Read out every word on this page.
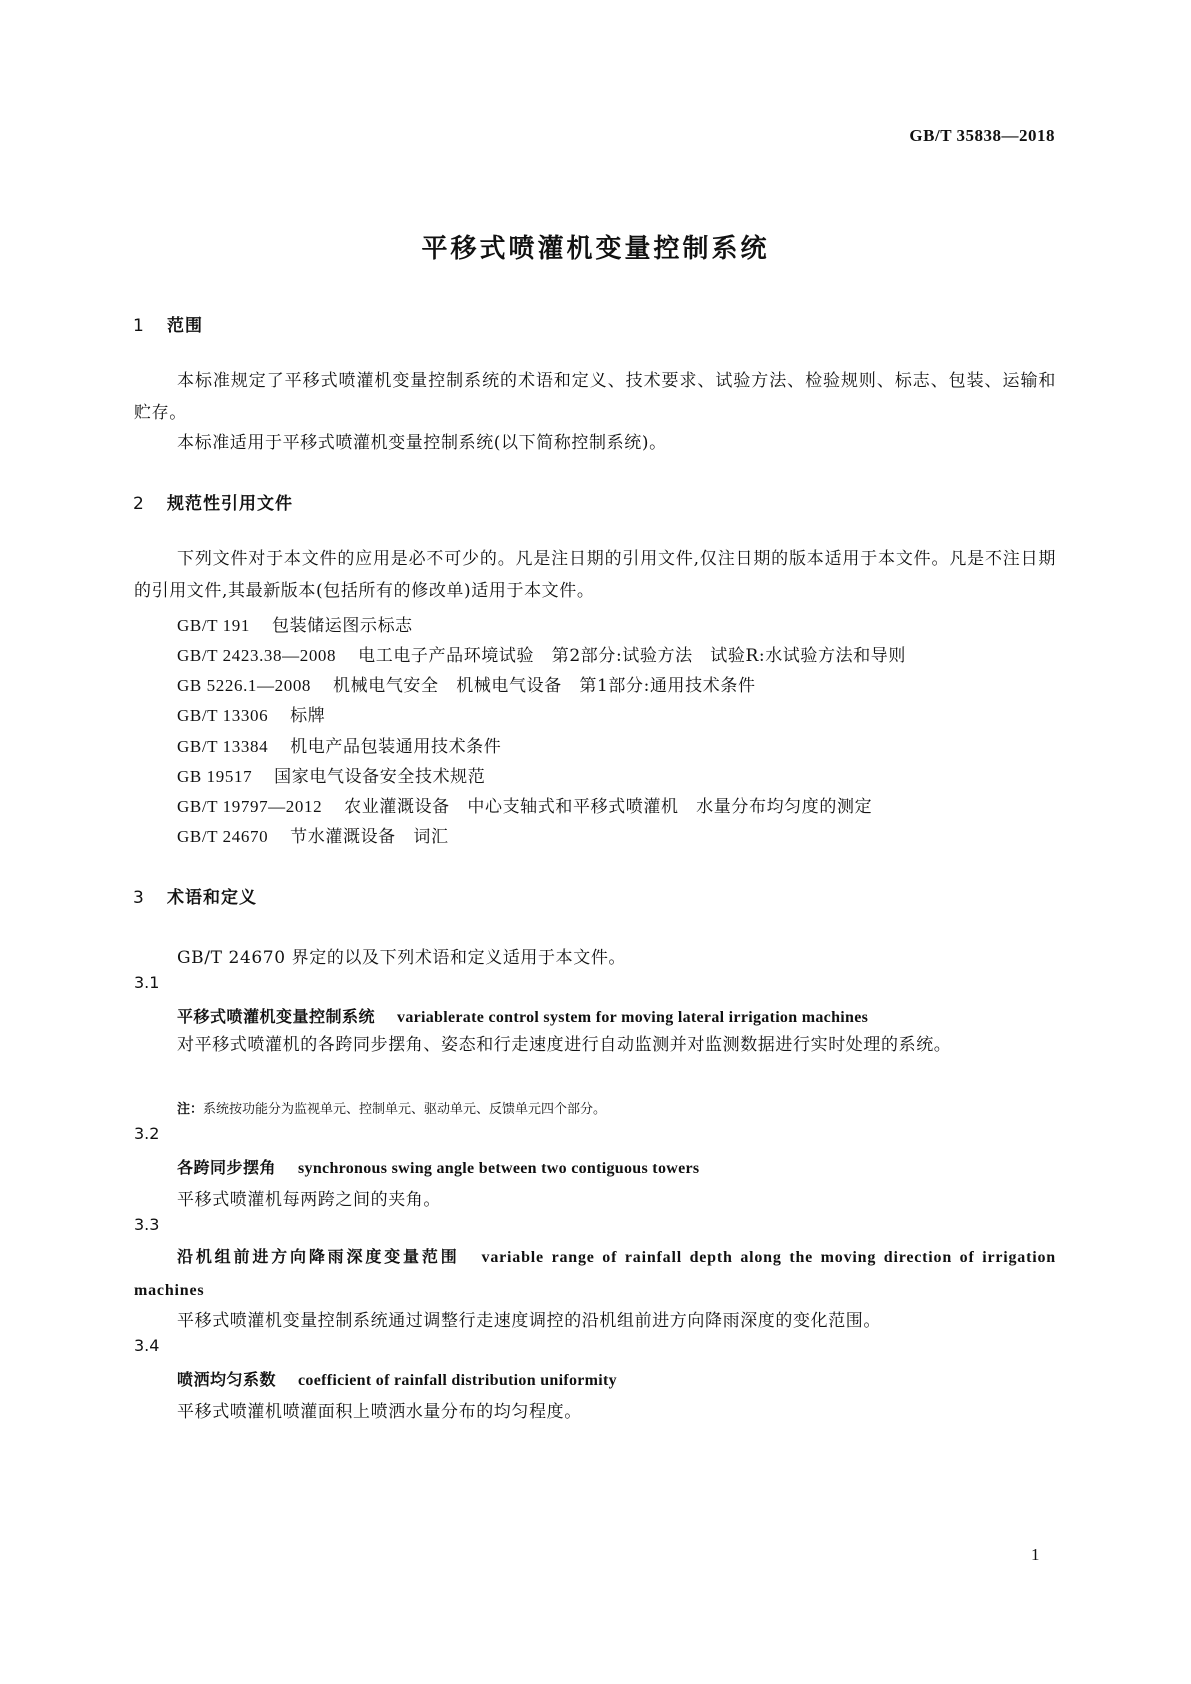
GB/T 35838—2018
平移式喷灌机变量控制系统
1 范围
本标准规定了平移式喷灌机变量控制系统的术语和定义、技术要求、试验方法、检验规则、标志、包装、运输和贮存。
本标准适用于平移式喷灌机变量控制系统(以下简称控制系统)。
2 规范性引用文件
下列文件对于本文件的应用是必不可少的。凡是注日期的引用文件,仅注日期的版本适用于本文件。凡是不注日期的引用文件,其最新版本(包括所有的修改单)适用于本文件。
GB/T 191 包装储运图示标志
GB/T 2423.38—2008 电工电子产品环境试验　第2部分:试验方法　试验R:水试验方法和导则
GB 5226.1—2008 机械电气安全　机械电气设备　第1部分:通用技术条件
GB/T 13306 标牌
GB/T 13384 机电产品包装通用技术条件
GB 19517 国家电气设备安全技术规范
GB/T 19797—2012 农业灌溉设备　中心支轴式和平移式喷灌机　水量分布均匀度的测定
GB/T 24670 节水灌溉设备　词汇
3 术语和定义
GB/T 24670 界定的以及下列术语和定义适用于本文件。
3.1
平移式喷灌机变量控制系统 variablerate control system for moving lateral irrigation machines
对平移式喷灌机的各跨同步摆角、姿态和行走速度进行自动监测并对监测数据进行实时处理的系统。
注：系统按功能分为监视单元、控制单元、驱动单元、反馈单元四个部分。
3.2
各跨同步摆角 synchronous swing angle between two contiguous towers
平移式喷灌机每两跨之间的夹角。
3.3
沿机组前进方向降雨深度变量范围 variable range of rainfall depth along the moving direction of irrigation machines
平移式喷灌机变量控制系统通过调整行走速度调控的沿机组前进方向降雨深度的变化范围。
3.4
喷洒均匀系数 coefficient of rainfall distribution uniformity
平移式喷灌机喷灌面积上喷洒水量分布的均匀程度。
1
